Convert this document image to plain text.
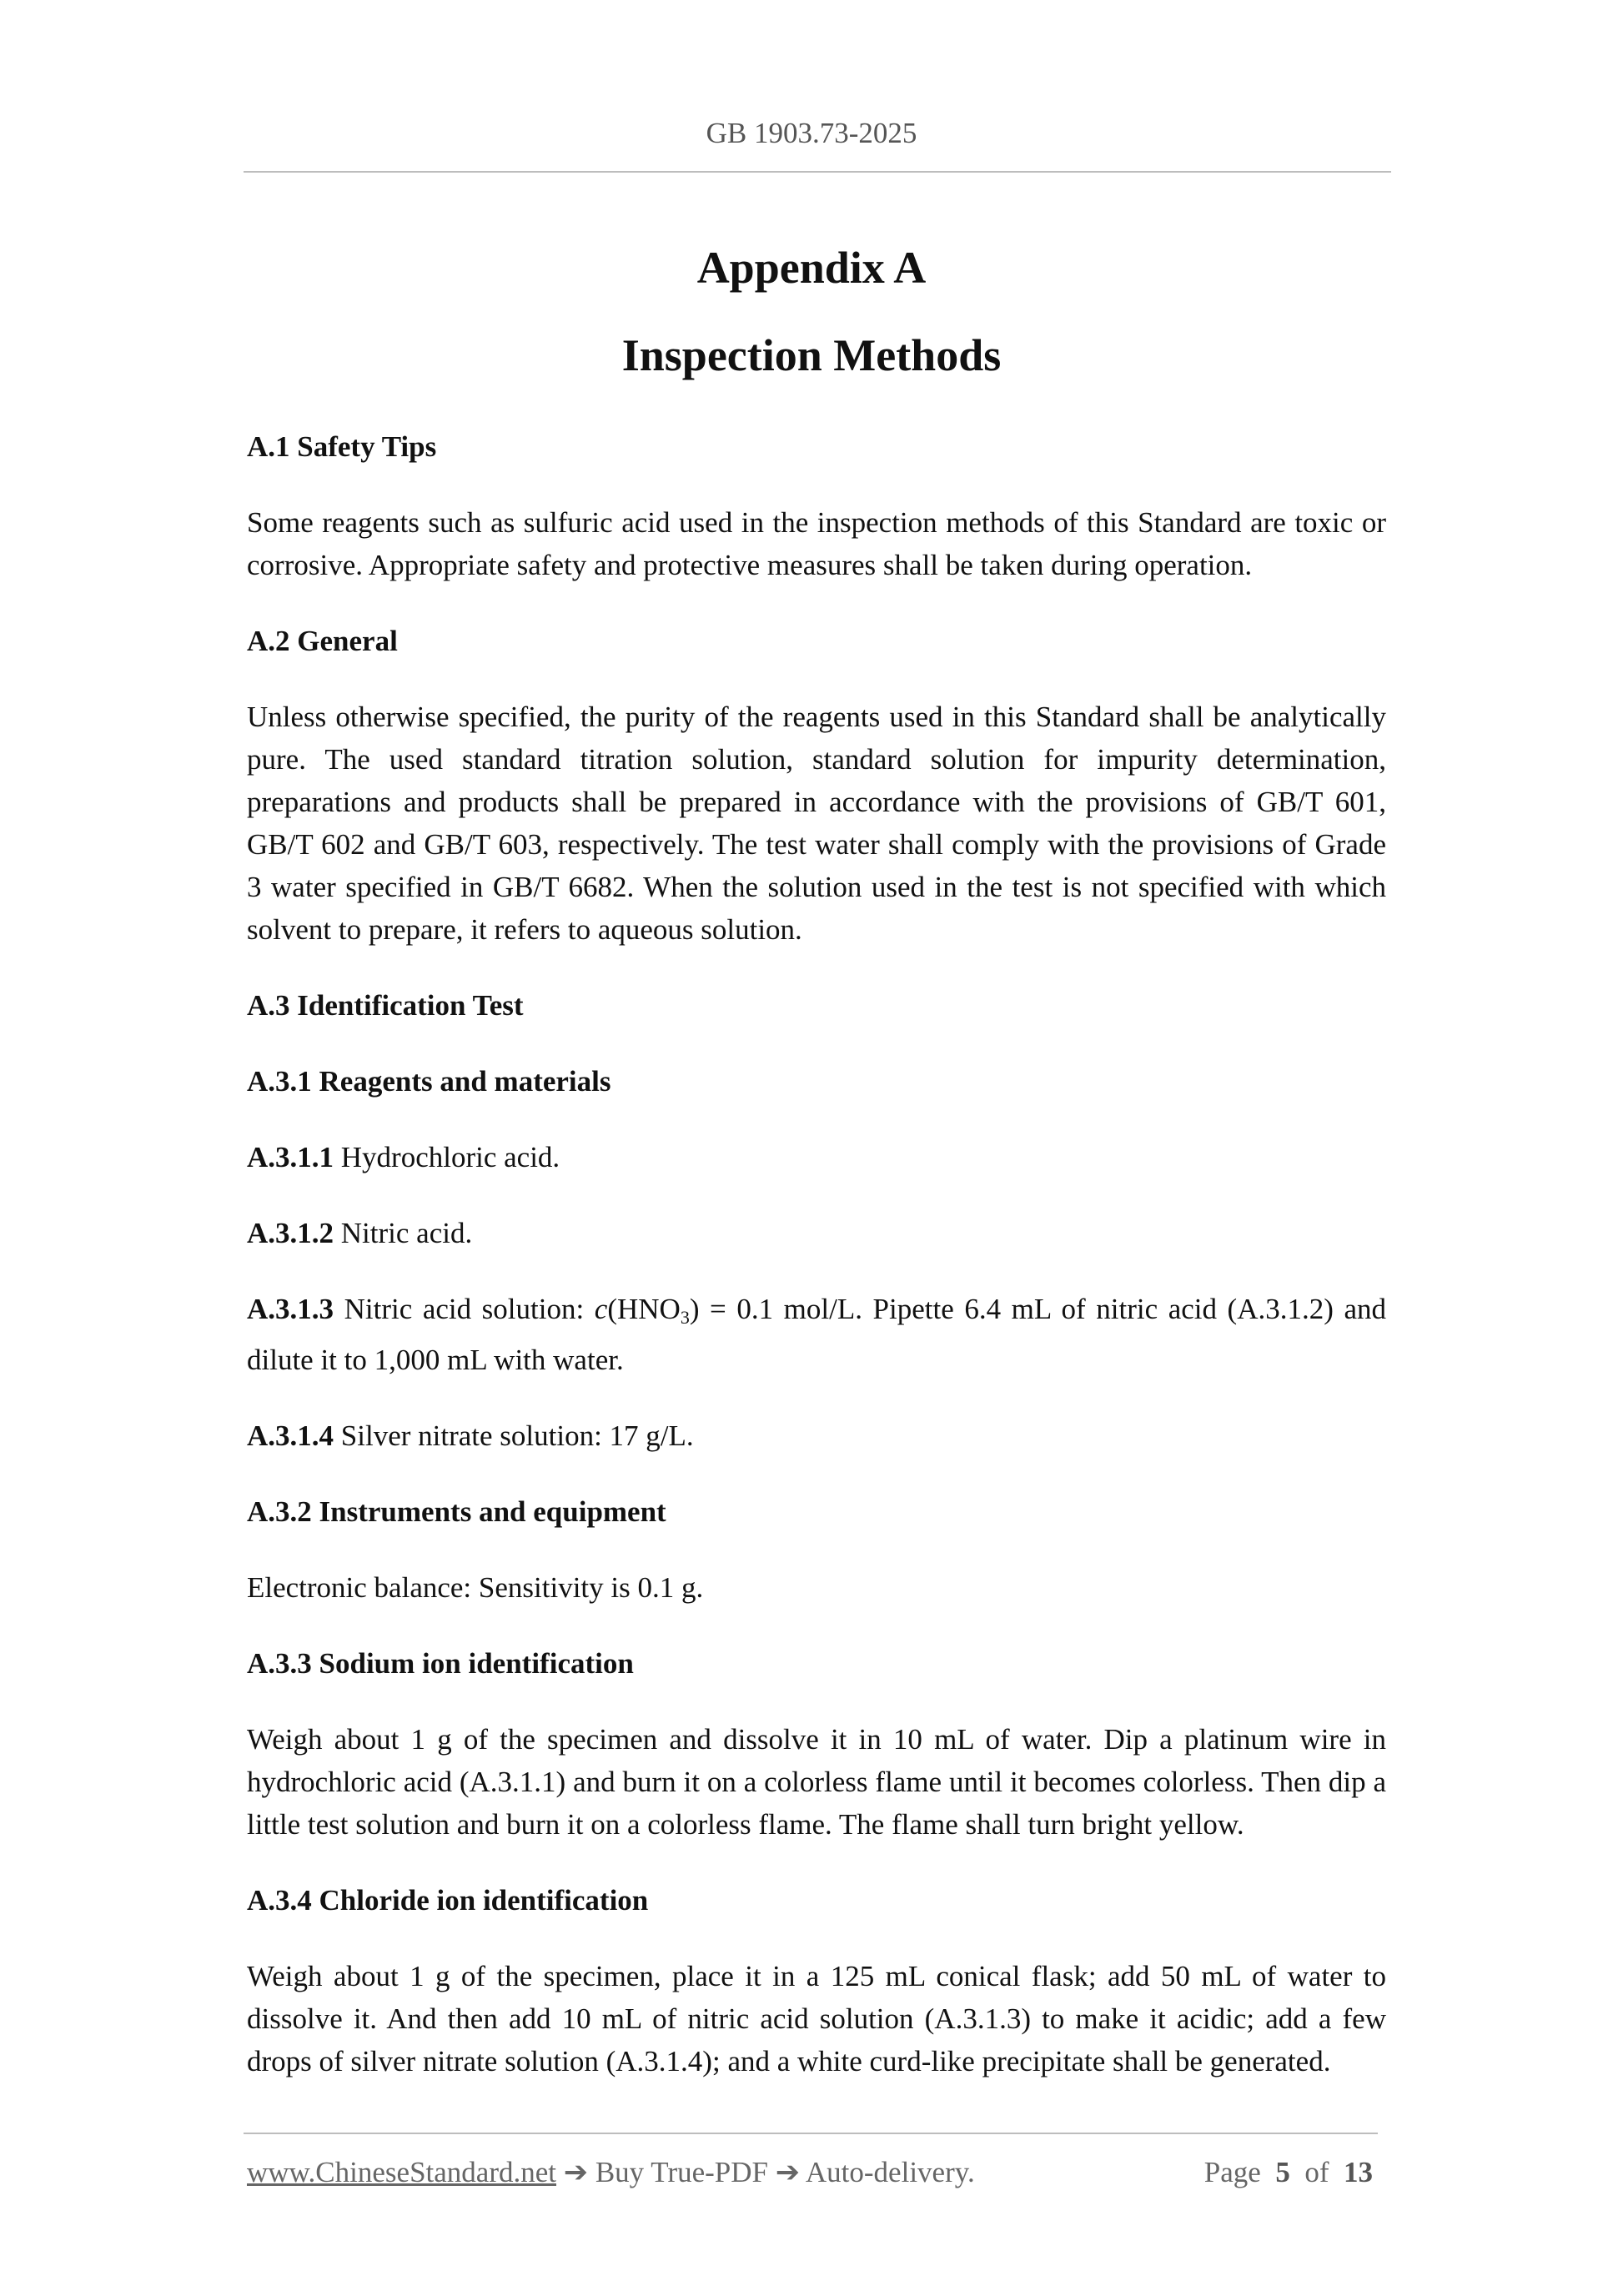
GB 1903.73-2025
Appendix A
Inspection Methods
A.1 Safety Tips

Some reagents such as sulfuric acid used in the inspection methods of this Standard are toxic or corrosive. Appropriate safety and protective measures shall be taken during operation.

A.2 General

Unless otherwise specified, the purity of the reagents used in this Standard shall be analytically pure. The used standard titration solution, standard solution for impurity determination, preparations and products shall be prepared in accordance with the provisions of GB/T 601, GB/T 602 and GB/T 603, respectively. The test water shall comply with the provisions of Grade 3 water specified in GB/T 6682. When the solution used in the test is not specified with which solvent to prepare, it refers to aqueous solution.

A.3 Identification Test
A.3.1 Reagents and materials

A.3.1.1 Hydrochloric acid.

A.3.1.2 Nitric acid.

A.3.1.3 Nitric acid solution: $c(HNO_3) = 0.1$ mol/L. Pipette 6.4 mL of nitric acid (A.3.1.2) and dilute it to 1,000 mL with water.

A.3.1.4 Silver nitrate solution: 17 g/L.

A.3.2 Instruments and equipment

Electronic balance: Sensitivity is 0.1 g.

A.3.3 Sodium ion identification

Weigh about 1 g of the specimen and dissolve it in 10 mL of water. Dip a platinum wire in hydrochloric acid (A.3.1.1) and burn it on a colorless flame until it becomes colorless. Then dip a little test solution and burn it on a colorless flame. The flame shall turn bright yellow.

A.3.4 Chloride ion identification

Weigh about 1 g of the specimen, place it in a 125 mL conical flask; add 50 mL of water to dissolve it. And then add 10 mL of nitric acid solution (A.3.1.3) to make it acidic; add a few drops of silver nitrate solution (A.3.1.4); and a white curd-like precipitate shall be generated.

www.ChineseStandard.net ➔ Buy True-PDF ➔ Auto-delivery.	Page 5 of 13
